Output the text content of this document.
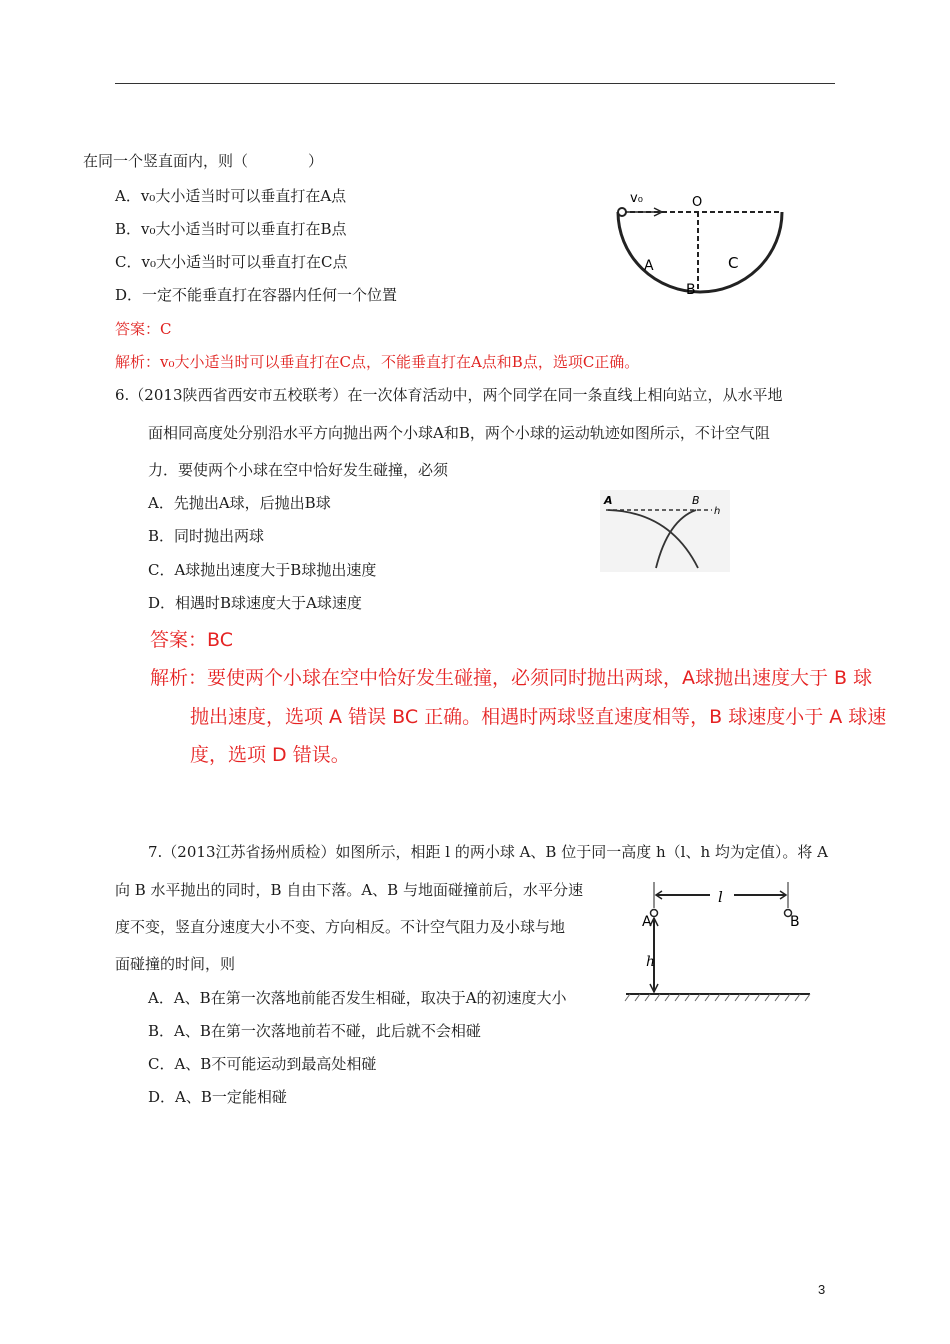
在同一个竖直面内，则（　　　　）
A．v₀大小适当时可以垂直打在A点
B．v₀大小适当时可以垂直打在B点
C．v₀大小适当时可以垂直打在C点
D．一定不能垂直打在容器内任何一个位置
答案：C
解析：v₀大小适当时可以垂直打在C点，不能垂直打在A点和B点，选项C正确。
v₀	O
A
B
C
6.（2013陕西省西安市五校联考）在一次体育活动中，两个同学在同一条直线上相向站立，从水平地
面相同高度处分别沿水平方向抛出两个小球A和B，两个小球的运动轨迹如图所示，不计空气阻
力．要使两个小球在空中恰好发生碰撞，必须
A．先抛出A球，后抛出B球
B．同时抛出两球
C．A球抛出速度大于B球抛出速度
D．相遇时B球速度大于A球速度
A	B
h
答案：BC
解析：要使两个小球在空中恰好发生碰撞，必须同时抛出两球，A球抛出速度大于 B 球
抛出速度，选项 A 错误 BC 正确。相遇时两球竖直速度相等，B 球速度小于 A 球速
度，选项 D 错误。
7.（2013江苏省扬州质检）如图所示，相距 l 的两小球 A、B 位于同一高度 h（l、h 均为定值）。将 A
向 B 水平抛出的同时，B 自由下落。A、B 与地面碰撞前后，水平分速
度不变，竖直分速度大小不变、方向相反。不计空气阻力及小球与地
面碰撞的时间，则
A．A、B在第一次落地前能否发生相碰，取决于A的初速度大小
B．A、B在第一次落地前若不碰，此后就不会相碰
C．A、B不可能运动到最高处相碰
D．A、B一定能相碰
l
A	B
h
3
